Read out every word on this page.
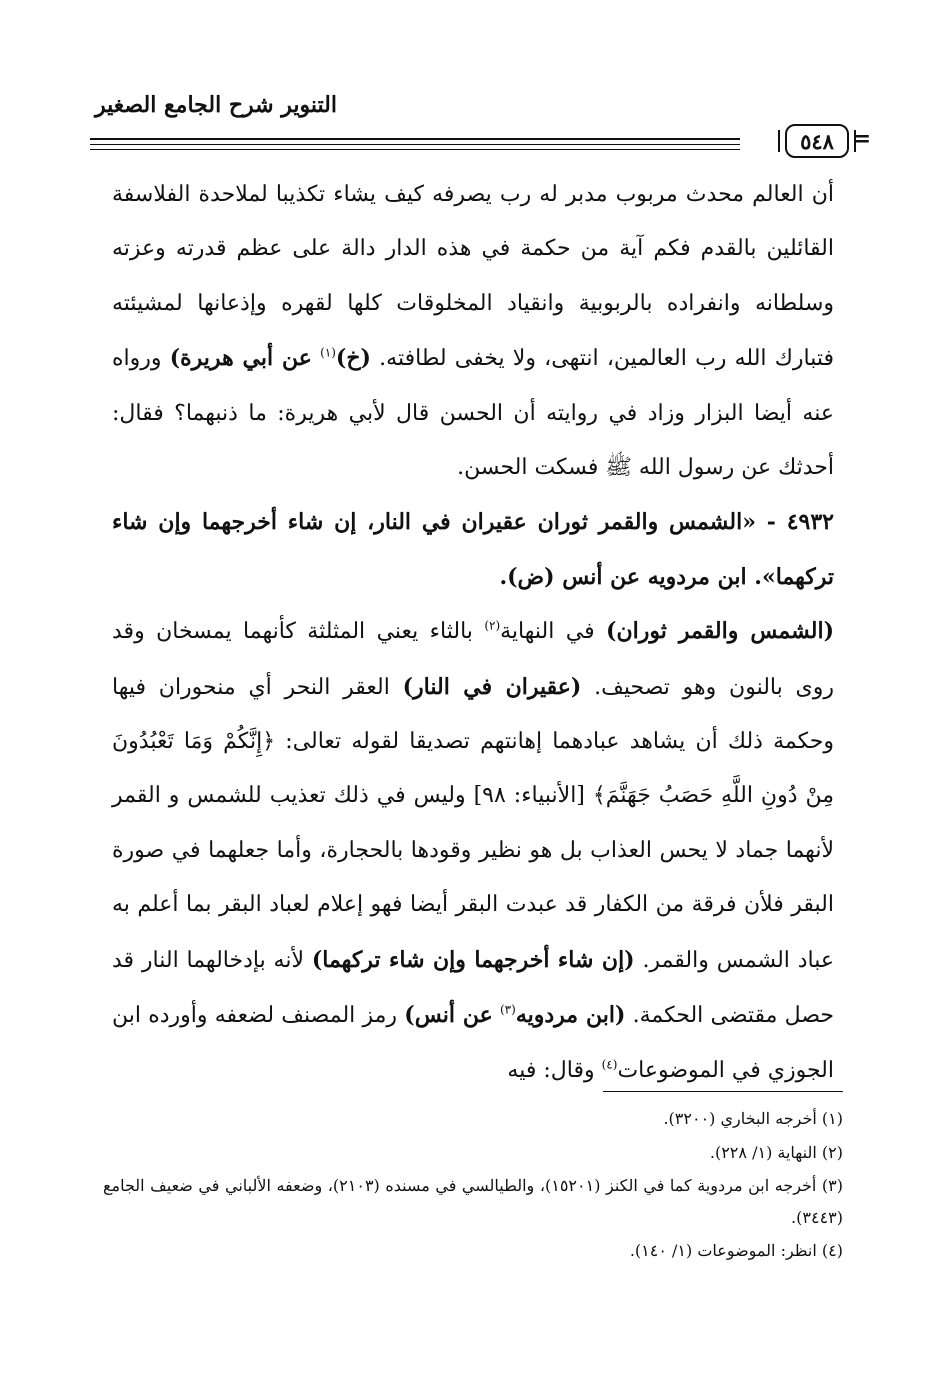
التنوير شرح الجامع الصغير
٥٤٨ =

أن العالم محدث مربوب مدبر له رب يصرفه كيف يشاء تكذيبا لملاحدة الفلاسفة القائلين بالقدم فكم آية من حكمة في هذه الدار دالة على عظم قدرته وعزته وسلطانه وانفراده بالربوبية وانقياد المخلوقات كلها لقهره وإذعانها لمشيئته فتبارك الله رب العالمين، انتهى، ولا يخفى لطافته. (خ)$^{(١)}$ عن أبي هريرة) ورواه عنه أيضا البزار وزاد في روايته أن الحسن قال لأبي هريرة: ما ذنبهما؟ فقال: أحدثك عن رسول الله ﷺ فسكت الحسن.

٤٩٣٢ - «الشمس والقمر ثوران عقيران في النار، إن شاء أخرجهما وإن شاء تركهما». ابن مردويه عن أنس (ض).

(الشمس والقمر ثوران) في النهاية$^{(٢)}$ بالثاء يعني المثلثة كأنهما يمسخان وقد روى بالنون وهو تصحيف. (عقيران في النار) العقر النحر أي منحوران فيها وحكمة ذلك أن يشاهد عبادهما إهانتهم تصديقا لقوله تعالى: ﴿إِنَّكُمْ وَمَا تَعْبُدُونَ مِنْ دُونِ اللَّهِ حَصَبُ جَهَنَّمَ﴾ [الأنبياء: ٩٨] وليس في ذلك تعذيب للشمس و القمر لأنهما جماد لا يحس العذاب بل هو نظير وقودها بالحجارة، وأما جعلهما في صورة البقر فلأن فرقة من الكفار قد عبدت البقر أيضا فهو إعلام لعباد البقر بما أعلم به عباد الشمس والقمر. (إن شاء أخرجهما وإن شاء تركهما) لأنه بإدخالهما النار قد حصل مقتضى الحكمة. (ابن مردويه$^{(٣)}$ عن أنس) رمز المصنف لضعفه وأورده ابن الجوزي في الموضوعات$^{(٤)}$ وقال: فيه

(١) أخرجه البخاري (٣٢٠٠).

(٢) النهاية (١/ ٢٢٨).

(٣) أخرجه ابن مردوية كما في الكنز (١٥٢٠١)، والطيالسي في مسنده (٢١٠٣)، وضعفه الألباني في ضعيف الجامع (٣٤٤٣).

(٤) انظر: الموضوعات (١/ ١٤٠).
